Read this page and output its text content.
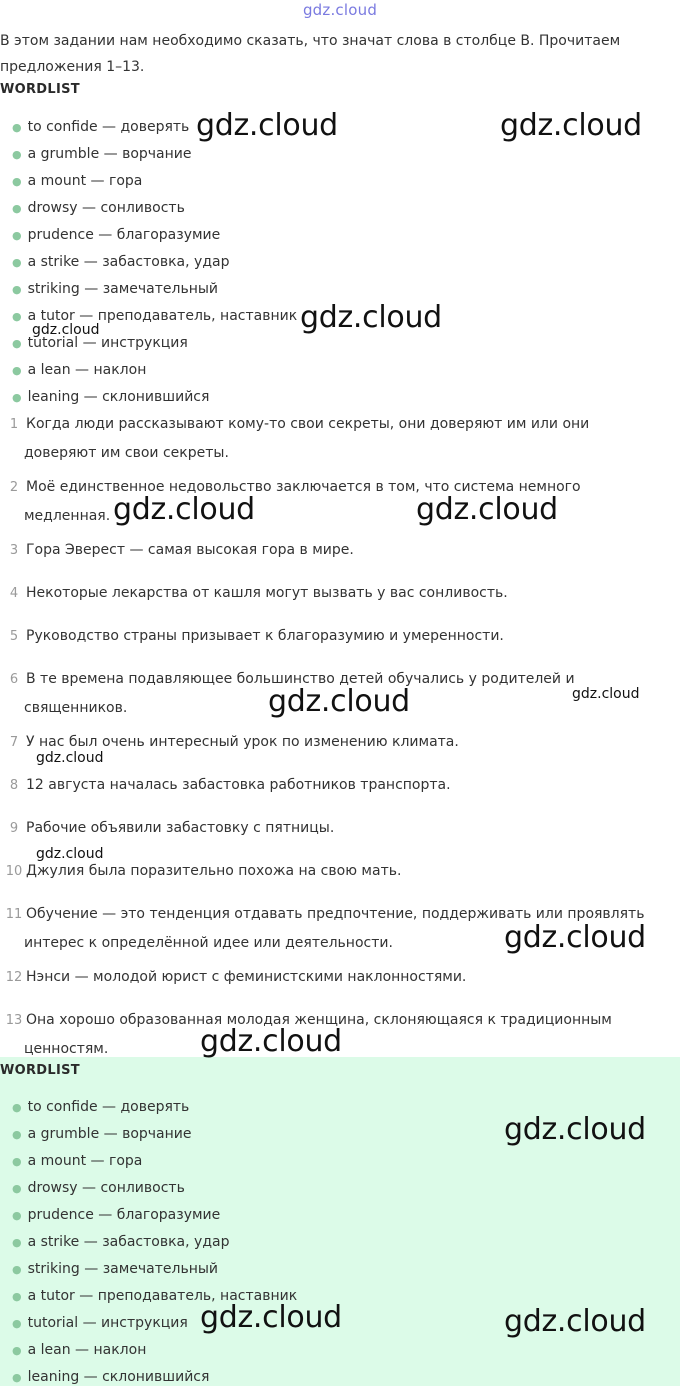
gdz.cloud
В этом задании нам необходимо сказать, что значат слова в столбце B. Прочитаем предложения 1–13.
WORDLIST
● to confide — доверять
● a grumble — ворчание
● a mount — гора
● drowsy — сонливость
● prudence — благоразумие
● a strike — забастовка, удар
● striking — замечательный
● a tutor — преподаватель, наставник
● tutorial — инструкция
● a lean — наклон
● leaning — склонившийся
1 Когда люди рассказывают кому-то свои секреты, они доверяют им или они
доверяют им свои секреты.
2 Моё единственное недовольство заключается в том, что система немного
медленная.
3 Гора Эверест — самая высокая гора в мире.
4 Некоторые лекарства от кашля могут вызвать у вас сонливость.
5 Руководство страны призывает к благоразумию и умеренности.
6 В те времена подавляющее большинство детей обучались у родителей и
священников.
7 У нас был очень интересный урок по изменению климата.
8 12 августа началась забастовка работников транспорта.
9 Рабочие объявили забастовку с пятницы.
10 Джулия была поразительно похожа на свою мать.
11 Обучение — это тенденция отдавать предпочтение, поддерживать или проявлять
интерес к определённой идее или деятельности.
12 Нэнси — молодой юрист с феминистскими наклонностями.
13 Она хорошо образованная молодая женщина, склоняющаяся к традиционным
ценностям.
WORDLIST
● to confide — доверять
● a grumble — ворчание
● a mount — гора
● drowsy — сонливость
● prudence — благоразумие
● a strike — забастовка, удар
● striking — замечательный
● a tutor — преподаватель, наставник
● tutorial — инструкция
● a lean — наклон
● leaning — склонившийся
gdz.cloud	gdz.cloud
gdz.cloud
gdz.cloud
gdz.cloud	gdz.cloud
gdz.cloud	gdz.cloud
gdz.cloud
gdz.cloud
gdz.cloud
gdz.cloud
gdz.cloud
gdz.cloud	gdz.cloud
